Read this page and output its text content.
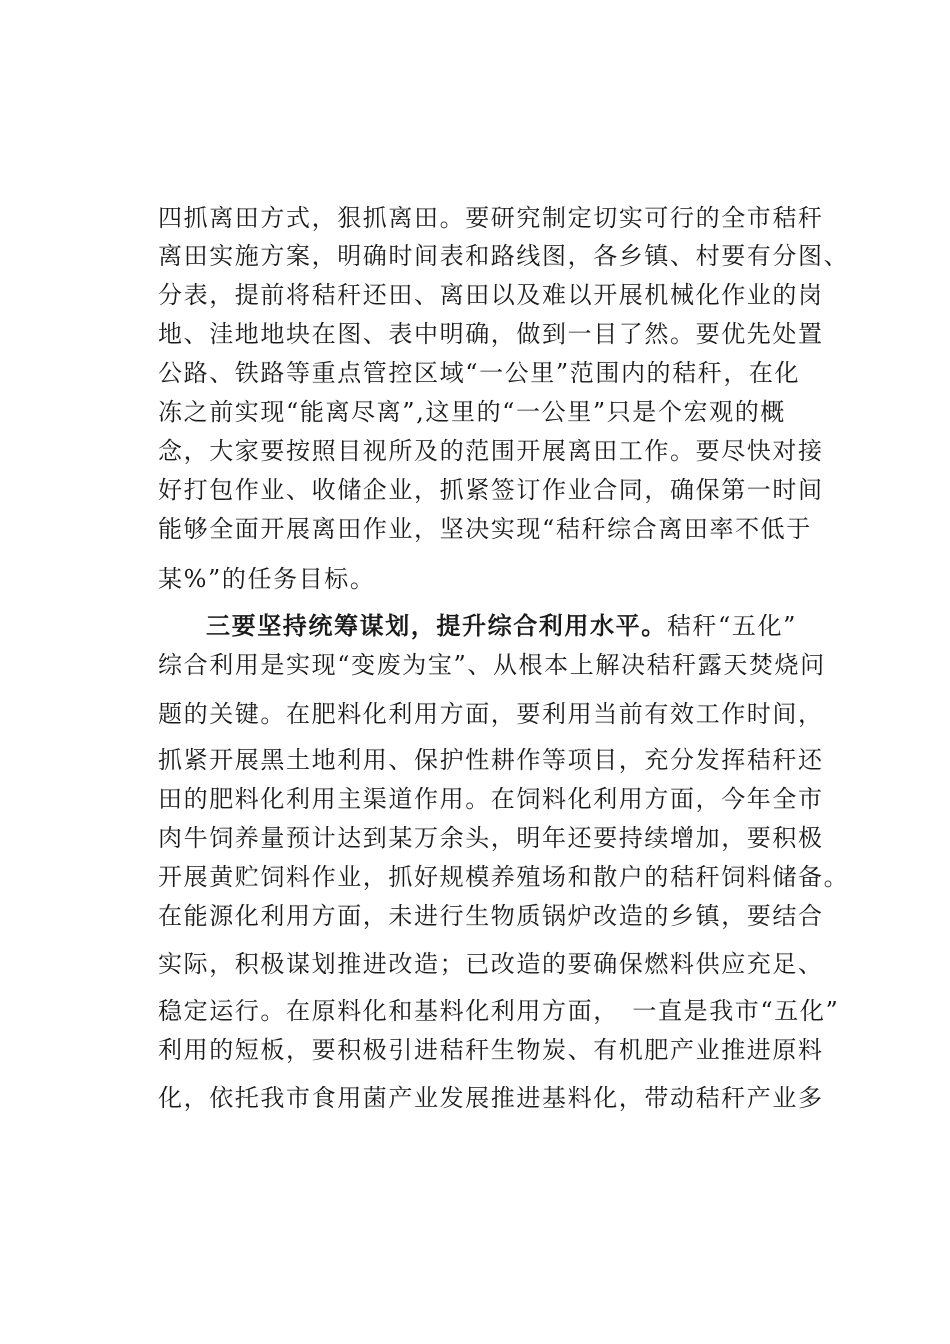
四抓离田方式，狠抓离田。要研究制定切实可行的全市秸秆
离田实施方案，明确时间表和路线图，各乡镇、村要有分图、
分表，提前将秸秆还田、离田以及难以开展机械化作业的岗
地、洼地地块在图、表中明确，做到一目了然。要优先处置
公路、铁路等重点管控区域“一公里”范围内的秸秆，在化
冻之前实现“能离尽离”,这里的“一公里”只是个宏观的概
念，大家要按照目视所及的范围开展离田工作。要尽快对接
好打包作业、收储企业，抓紧签订作业合同，确保第一时间
能够全面开展离田作业，坚决实现“秸秆综合离田率不低于
某%”的任务目标。
三要坚持统筹谋划，提升综合利用水平。秸秆“五化”
综合利用是实现“变废为宝”、从根本上解决秸秆露天焚烧问
题的关键。在肥料化利用方面，要利用当前有效工作时间，
抓紧开展黑土地利用、保护性耕作等项目，充分发挥秸秆还
田的肥料化利用主渠道作用。在饲料化利用方面，今年全市
肉牛饲养量预计达到某万余头，明年还要持续增加，要积极
开展黄贮饲料作业，抓好规模养殖场和散户的秸秆饲料储备。
在能源化利用方面，未进行生物质锅炉改造的乡镇，要结合
实际，积极谋划推进改造；已改造的要确保燃料供应充足、
稳定运行。在原料化和基料化利用方面，　一直是我市“五化”
利用的短板，要积极引进秸秆生物炭、有机肥产业推进原料
化，依托我市食用菌产业发展推进基料化，带动秸秆产业多
